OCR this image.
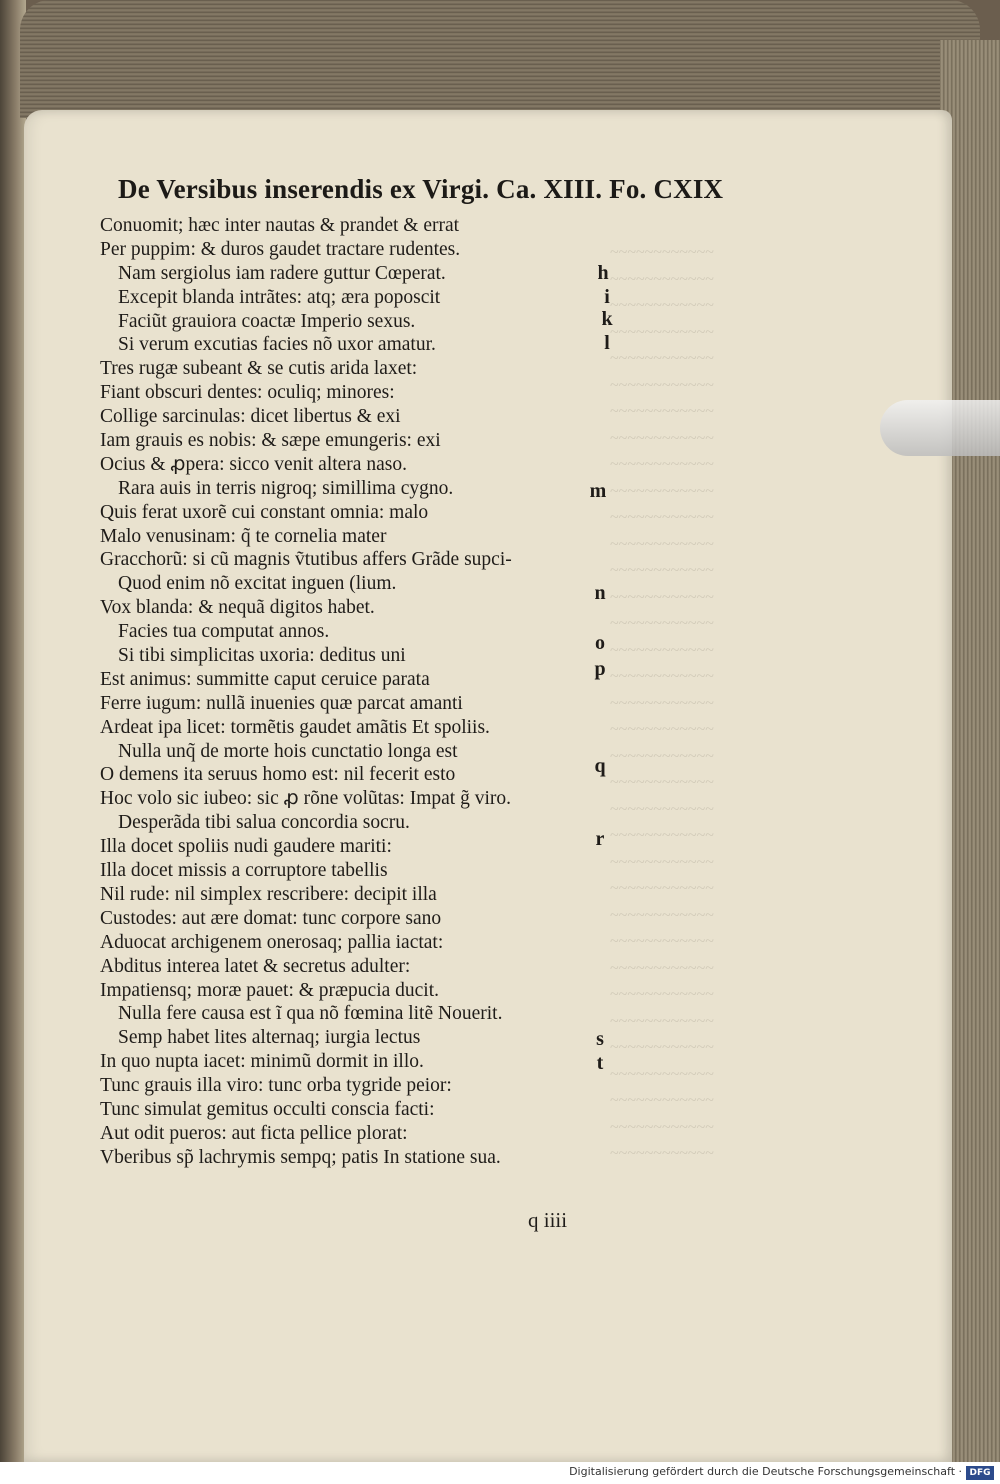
~~~~~~~~~~~~
~~~~~~~~~~~~
~~~~~~~~~~~~
~~~~~~~~~~~~
~~~~~~~~~~~~
~~~~~~~~~~~~
~~~~~~~~~~~~
~~~~~~~~~~~~
~~~~~~~~~~~~
~~~~~~~~~~~~
~~~~~~~~~~~~
~~~~~~~~~~~~
~~~~~~~~~~~~
~~~~~~~~~~~~
~~~~~~~~~~~~
~~~~~~~~~~~~
~~~~~~~~~~~~
~~~~~~~~~~~~
~~~~~~~~~~~~
~~~~~~~~~~~~
~~~~~~~~~~~~
~~~~~~~~~~~~
~~~~~~~~~~~~
~~~~~~~~~~~~
~~~~~~~~~~~~
~~~~~~~~~~~~
~~~~~~~~~~~~
~~~~~~~~~~~~
~~~~~~~~~~~~
~~~~~~~~~~~~
~~~~~~~~~~~~
~~~~~~~~~~~~
~~~~~~~~~~~~
~~~~~~~~~~~~
~~~~~~~~~~~~
De Versibus inserendis ex Virgi. Ca. XIII. Fo. CXIX
Conuomit; hæc inter nautas & prandet & errat
Per puppim: & duros gaudet tractare rudentes.
Nam sergiolus iam radere guttur Cœperat.
Excepit blanda intrãtes: atq; æra poposcit
Faciũt grauiora coactæ Imperio sexus.
Si verum excutias facies nõ uxor amatur.
Tres rugæ subeant & se cutis arida laxet:
Fiant obscuri dentes: oculiq; minores:
Collige sarcinulas: dicet libertus & exi
Iam grauis es nobis: & sæpe emungeris: exi
Ocius & ꝓpera: sicco venit altera naso.
Rara auis in terris nigroq; simillima cygno.
Quis ferat uxorẽ cui constant omnia: malo
Malo venusinam: q̃ te cornelia mater
Gracchorũ: si cũ magnis ṽtutibus affers Grãde supci-
Quod enim nõ excitat inguen (lium.
Vox blanda: & nequã digitos habet.
Facies tua computat annos.
Si tibi simplicitas uxoria: deditus uni
Est animus: summitte caput ceruice parata
Ferre iugum: nullã inuenies quæ parcat amanti
Ardeat ipa licet: tormẽtis gaudet amãtis Et spoliis.
Nulla unq̃ de morte hois cunctatio longa est
O demens ita seruus homo est: nil fecerit esto
Hoc volo sic iubeo: sic ꝓ rõne volũtas: Impat g̃ viro.
Desperãda tibi salua concordia socru.
Illa docet spoliis nudi gaudere mariti:
Illa docet missis a corruptore tabellis
Nil rude: nil simplex rescribere: decipit illa
Custodes: aut ære domat: tunc corpore sano
Aduocat archigenem onerosaq; pallia iactat:
Abditus interea latet & secretus adulter:
Impatiensq; moræ pauet: & præpucia ducit.
Nulla fere causa est ĩ qua nõ fœmina litẽ Nouerit.
Semp habet lites alternaq; iurgia lectus
In quo nupta iacet: minimũ dormit in illo.
Tunc grauis illa viro: tunc orba tygride peior:
Tunc simulat gemitus occulti conscia facti:
Aut odit pueros: aut ficta pellice plorat:
Vberibus sp̃ lachrymis sempq; patis In statione sua.
h
i
k
l
m
n
o
p
q
r
s
t
q iiii
Digitalisierung gefördert durch die Deutsche Forschungsgemeinschaft · DFG
